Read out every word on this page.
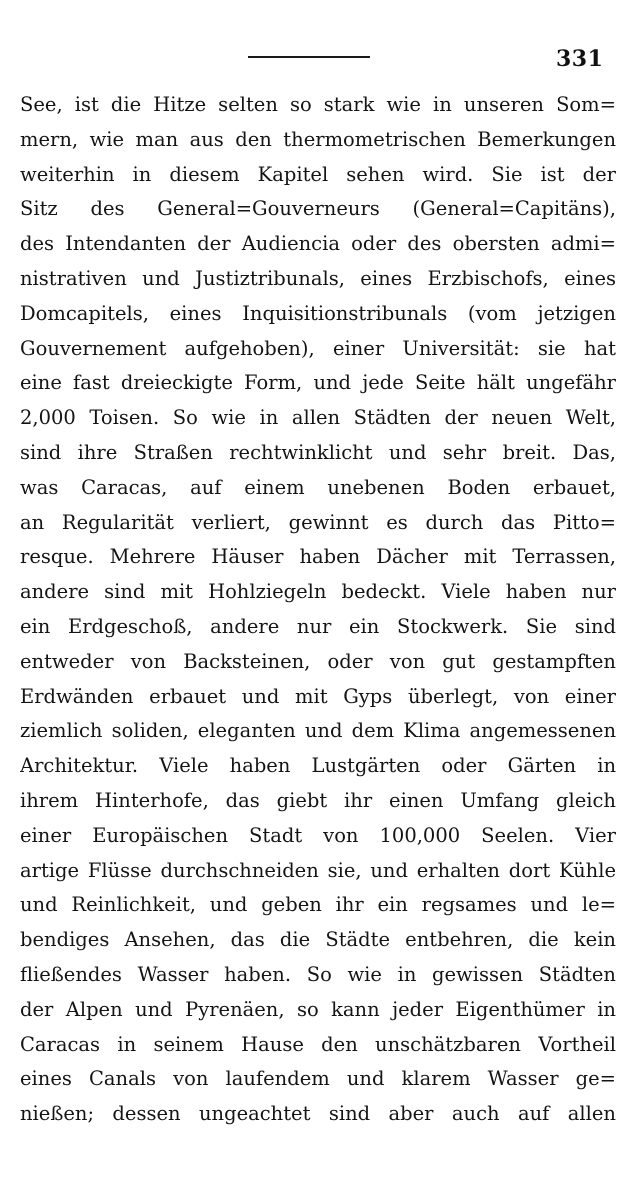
331
See, ist die Hitze selten so stark wie in unseren Som=
mern, wie man aus den thermometrischen Bemerkungen
weiterhin in diesem Kapitel sehen wird. Sie ist der
Sitz des General=Gouverneurs (General=Capitäns),
des Intendanten der Audiencia oder des obersten admi=
nistrativen und Justiztribunals, eines Erzbischofs, eines
Domcapitels, eines Inquisitionstribunals (vom jetzigen
Gouvernement aufgehoben), einer Universität: sie hat
eine fast dreieckigte Form, und jede Seite hält ungefähr
2,000 Toisen. So wie in allen Städten der neuen Welt,
sind ihre Straßen rechtwinklicht und sehr breit. Das,
was Caracas, auf einem unebenen Boden erbauet,
an Regularität verliert, gewinnt es durch das Pitto=
resque. Mehrere Häuser haben Dächer mit Terrassen,
andere sind mit Hohlziegeln bedeckt. Viele haben nur
ein Erdgeschoß, andere nur ein Stockwerk. Sie sind
entweder von Backsteinen, oder von gut gestampften
Erdwänden erbauet und mit Gyps überlegt, von einer
ziemlich soliden, eleganten und dem Klima angemessenen
Architektur. Viele haben Lustgärten oder Gärten in
ihrem Hinterhofe, das giebt ihr einen Umfang gleich
einer Europäischen Stadt von 100,000 Seelen. Vier
artige Flüsse durchschneiden sie, und erhalten dort Kühle
und Reinlichkeit, und geben ihr ein regsames und le=
bendiges Ansehen, das die Städte entbehren, die kein
fließendes Wasser haben. So wie in gewissen Städten
der Alpen und Pyrenäen, so kann jeder Eigenthümer in
Caracas in seinem Hause den unschätzbaren Vortheil
eines Canals von laufendem und klarem Wasser ge=
nießen; dessen ungeachtet sind aber auch auf allen
